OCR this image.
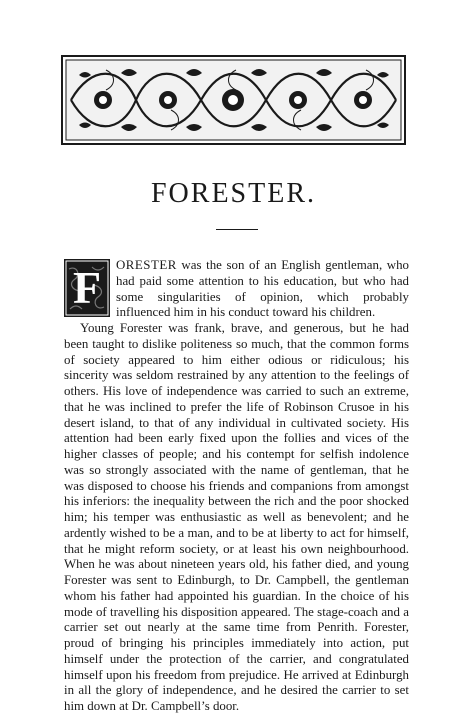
FORESTER.

F	ORESTER was the son of an English gentleman, who had paid some attention to his education, but who had some singularities of opinion, which probably influenced him in his conduct toward his children.

Young Forester was frank, brave, and generous, but he had been taught to dislike politeness so much, that the common forms of society appeared to him either odious or ridiculous; his sincerity was seldom restrained by any attention to the feelings of others. His love of independence was carried to such an extreme, that he was inclined to prefer the life of Robinson Crusoe in his desert island, to that of any individual in cultivated society. His attention had been early fixed upon the follies and vices of the higher classes of people; and his contempt for selfish indolence was so strongly associated with the name of gentleman, that he was disposed to choose his friends and companions from amongst his inferiors: the inequality between the rich and the poor shocked him; his temper was enthusiastic as well as benevolent; and he ardently wished to be a man, and to be at liberty to act for himself, that he might reform society, or at least his own neighbourhood. When he was about nineteen years old, his father died, and young Forester was sent to Edinburgh, to Dr. Campbell, the gentleman whom his father had appointed his guardian. In the choice of his mode of travelling his disposition appeared. The stage-coach and a carrier set out nearly at the same time from Penrith. Forester, proud of bringing his principles immediately into action, put himself under the protection of the carrier, and congratulated himself upon his freedom from prejudice. He arrived at Edinburgh in all the glory of independence, and he desired the carrier to set him down at Dr. Campbell’s door.
